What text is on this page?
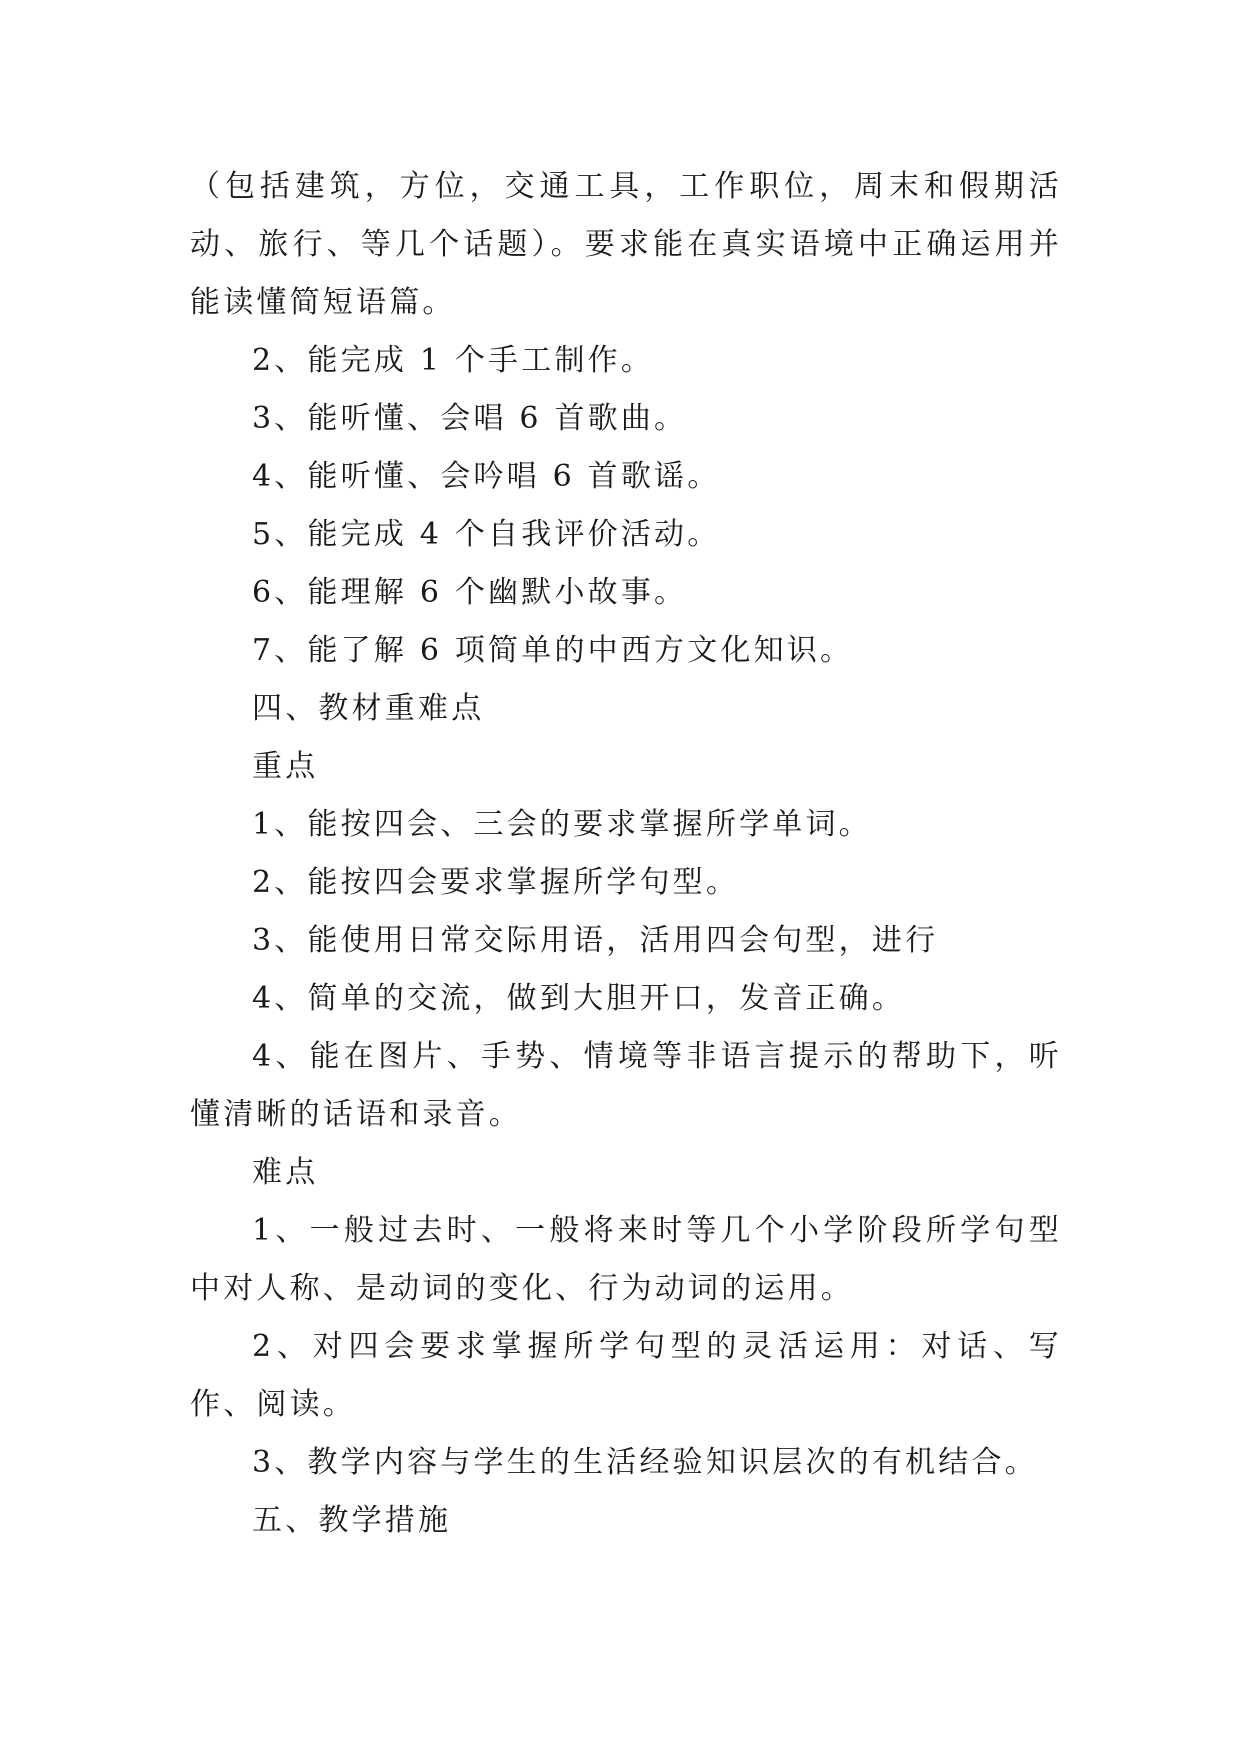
（包括建筑，方位，交通工具，工作职位，周末和假期活动、旅行、等几个话题）。要求能在真实语境中正确运用并能读懂简短语篇。

2、能完成 1 个手工制作。

3、能听懂、会唱 6 首歌曲。

4、能听懂、会吟唱 6 首歌谣。

5、能完成 4 个自我评价活动。

6、能理解 6 个幽默小故事。

7、能了解 6 项简单的中西方文化知识。

四、教材重难点

重点

1、能按四会、三会的要求掌握所学单词。

2、能按四会要求掌握所学句型。

3、能使用日常交际用语，活用四会句型，进行

4、简单的交流，做到大胆开口，发音正确。

4、能在图片、手势、情境等非语言提示的帮助下，听懂清晰的话语和录音。

难点

1、一般过去时、一般将来时等几个小学阶段所学句型中对人称、是动词的变化、行为动词的运用。

2、对四会要求掌握所学句型的灵活运用：对话、写作、阅读。

3、教学内容与学生的生活经验知识层次的有机结合。

五、教学措施
